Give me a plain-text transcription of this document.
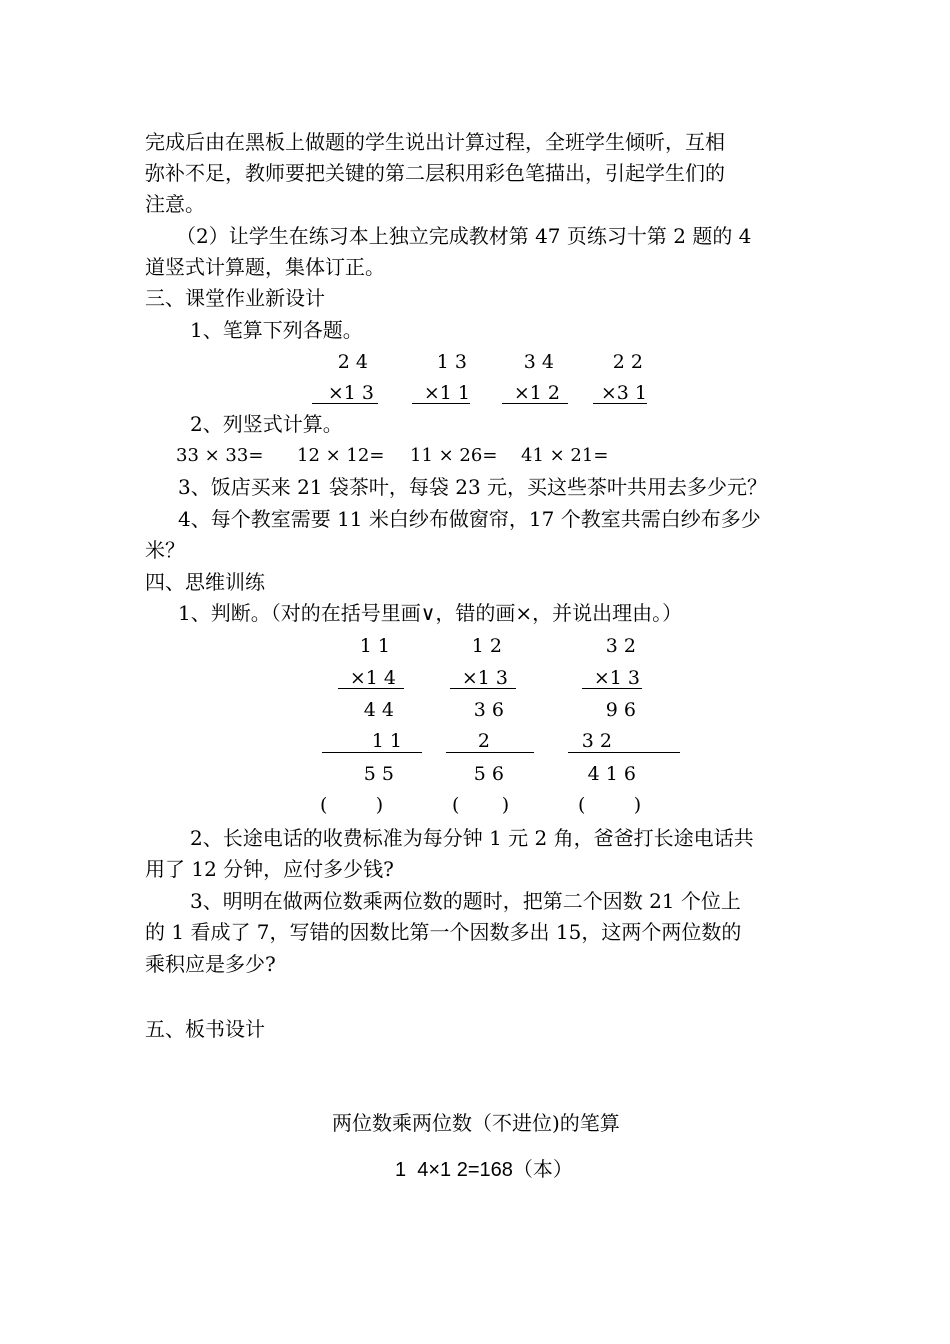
完成后由在黑板上做题的学生说出计算过程，全班学生倾听，互相
弥补不足，教师要把关键的第二层积用彩色笔描出，引起学生们的
注意。
（2）让学生在练习本上独立完成教材第 47 页练习十第 2 题的 4
道竖式计算题，集体订正。
三、课堂作业新设计
1、笔算下列各题。
2 4
×1 3
1 3
×1 1
3 4
×1 2
2 2
×3 1
2、列竖式计算。
33 × 33= 12 × 12= 11 × 26= 41 × 21=
3、饭店买来 21 袋茶叶，每袋 23 元，买这些茶叶共用去多少元？
4、每个教室需要 11 米白纱布做窗帘，17 个教室共需白纱布多少
米？
四、思维训练
1、判断。（对的在括号里画∨，错的画×，并说出理由。）
1 1
×1 4
4 4
1 1
5 5
(        )
1 2
×1 3
3 6
2
5 6
(       )
3 2
×1 3
9 6
3 2
4 1 6
(        )
2、长途电话的收费标准为每分钟 1 元 2 角，爸爸打长途电话共
用了 12 分钟，应付多少钱?
3、明明在做两位数乘两位数的题时，把第二个因数 21 个位上
的 1 看成了 7，写错的因数比第一个因数多出 15，这两个两位数的
乘积应是多少?
五、板书设计
两位数乘两位数（不进位)的笔算
1  4×1 2=168（本）
